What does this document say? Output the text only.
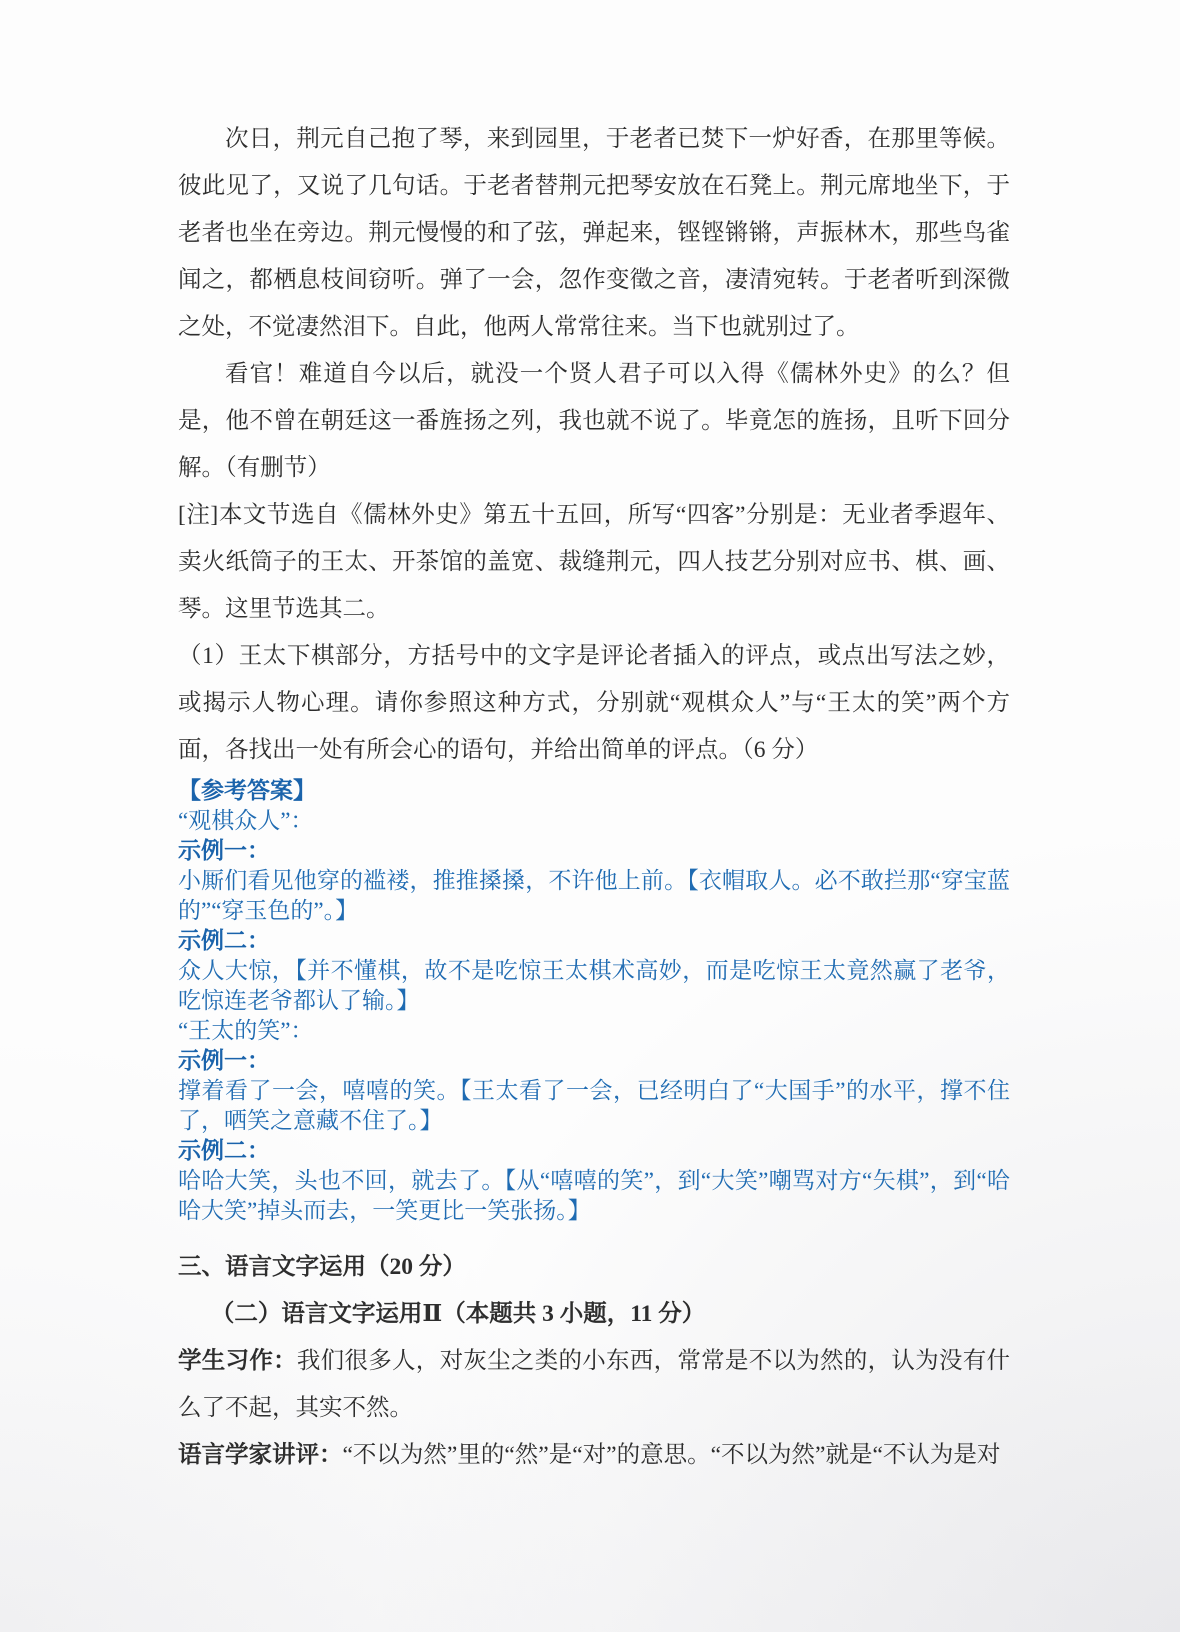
次日，荆元自己抱了琴，来到园里，于老者已焚下一炉好香，在那里等候。彼此见了，又说了几句话。于老者替荆元把琴安放在石凳上。荆元席地坐下，于老者也坐在旁边。荆元慢慢的和了弦，弹起来，铿铿锵锵，声振林木，那些鸟雀闻之，都栖息枝间窃听。弹了一会，忽作变徵之音，凄清宛转。于老者听到深微之处，不觉凄然泪下。自此，他两人常常往来。当下也就别过了。

看官！难道自今以后，就没一个贤人君子可以入得《儒林外史》的么？但是，他不曾在朝廷这一番旌扬之列，我也就不说了。毕竟怎的旌扬，且听下回分解。（有删节）

[注]本文节选自《儒林外史》第五十五回，所写“四客”分别是：无业者季遐年、卖火纸筒子的王太、开茶馆的盖宽、裁缝荆元，四人技艺分别对应书、棋、画、琴。这里节选其二。

（1）王太下棋部分，方括号中的文字是评论者插入的评点，或点出写法之妙，或揭示人物心理。请你参照这种方式，分别就“观棋众人”与“王太的笑”两个方面，各找出一处有所会心的语句，并给出简单的评点。（6 分）

【参考答案】

“观棋众人”：

示例一：

小厮们看见他穿的褴褛，推推搡搡，不许他上前。【衣帽取人。必不敢拦那“穿宝蓝的”“穿玉色的”。】

示例二：

众人大惊，【并不懂棋，故不是吃惊王太棋术高妙，而是吃惊王太竟然赢了老爷，吃惊连老爷都认了输。】

“王太的笑”：

示例一：

撑着看了一会，嘻嘻的笑。【王太看了一会，已经明白了“大国手”的水平，撑不住了，哂笑之意藏不住了。】

示例二：

哈哈大笑，头也不回，就去了。【从“嘻嘻的笑”，到“大笑”嘲骂对方“矢棋”，到“哈哈大笑”掉头而去，一笑更比一笑张扬。】

三、语言文字运用（20 分）

（二）语言文字运用Ⅱ（本题共 3 小题，11 分）

学生习作：我们很多人，对灰尘之类的小东西，常常是不以为然的，认为没有什么了不起，其实不然。

语言学家讲评：“不以为然”里的“然”是“对”的意思。“不以为然”就是“不认为是对
